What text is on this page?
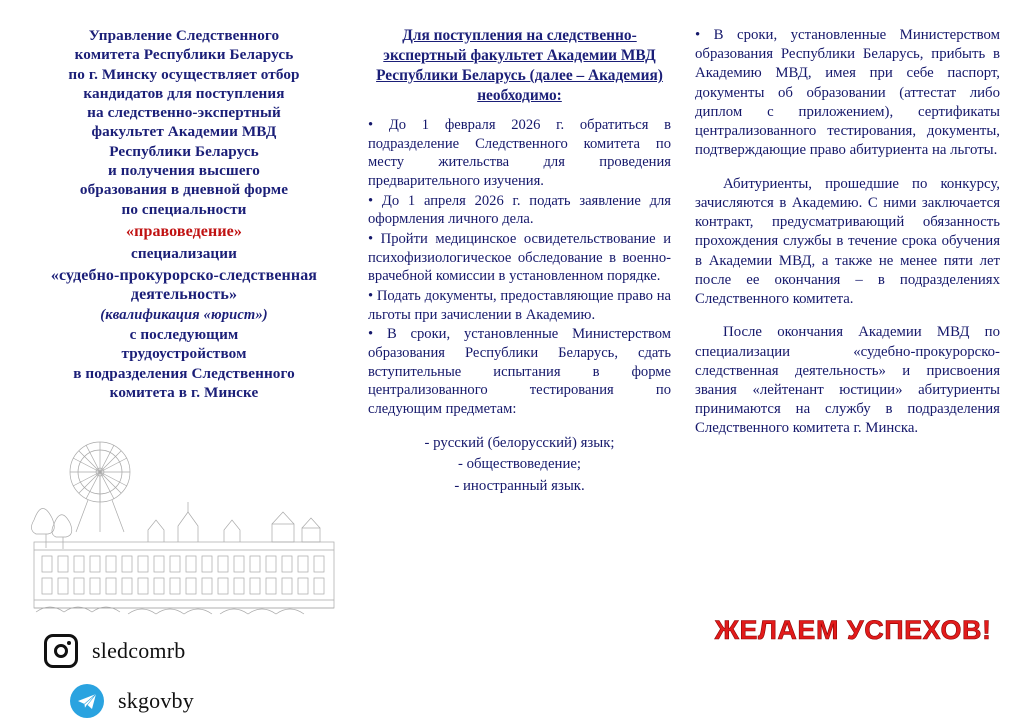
Управление Следственного
комитета Республики Беларусь
по г. Минску осуществляет отбор
кандидатов для поступления
на следственно-экспертный
факультет Академии МВД
Республики Беларусь
и получения высшего
образования в дневной форме
по специальности
«правоведение»
специализации
«судебно-прокурорско-следственная деятельность»
(квалификация «юрист»)
с последующим
трудоустройством
в подразделения Следственного
комитета в г. Минске
sledcomrb
skgovby
Для поступления на следственно-экспертный факультет Академии МВД Республики Беларусь (далее – Академия) необходимо:

• До 1 февраля 2026 г. обратиться в подразделение Следственного комитета по месту жительства для проведения предварительного изучения.

• До 1 апреля 2026 г. подать заявление для оформления личного дела.

• Пройти медицинское освидетельствование и психофизиологическое обследование в военно-врачебной комиссии в установленном порядке.

• Подать документы, предоставляющие право на льготы при зачислении в Академию.

• В сроки, установленные Министерством образования Республики Беларусь, сдать вступительные испытания в форме централизованного тестирования по следующим предметам:

- русский (белорусский) язык;
- обществоведение;
- иностранный язык.

• В сроки, установленные Министерством образования Республики Беларусь, прибыть в Академию МВД, имея при себе паспорт, документы об образовании (аттестат либо диплом с приложением), сертификаты централизованного тестирования, документы, подтверждающие право абитуриента на льготы.

Абитуриенты, прошедшие по конкурсу, зачисляются в Академию. С ними заключается контракт, предусматривающий обязанность прохождения службы в течение срока обучения в Академии МВД, а также не менее пяти лет после ее окончания – в подразделениях Следственного комитета.

После окончания Академии МВД по специализации «судебно-прокурорско-следственная деятельность» и присвоения звания «лейтенант юстиции» абитуриенты принимаются на службу в подразделения Следственного комитета г. Минска.

ЖЕЛАЕМ УСПЕХОВ!
